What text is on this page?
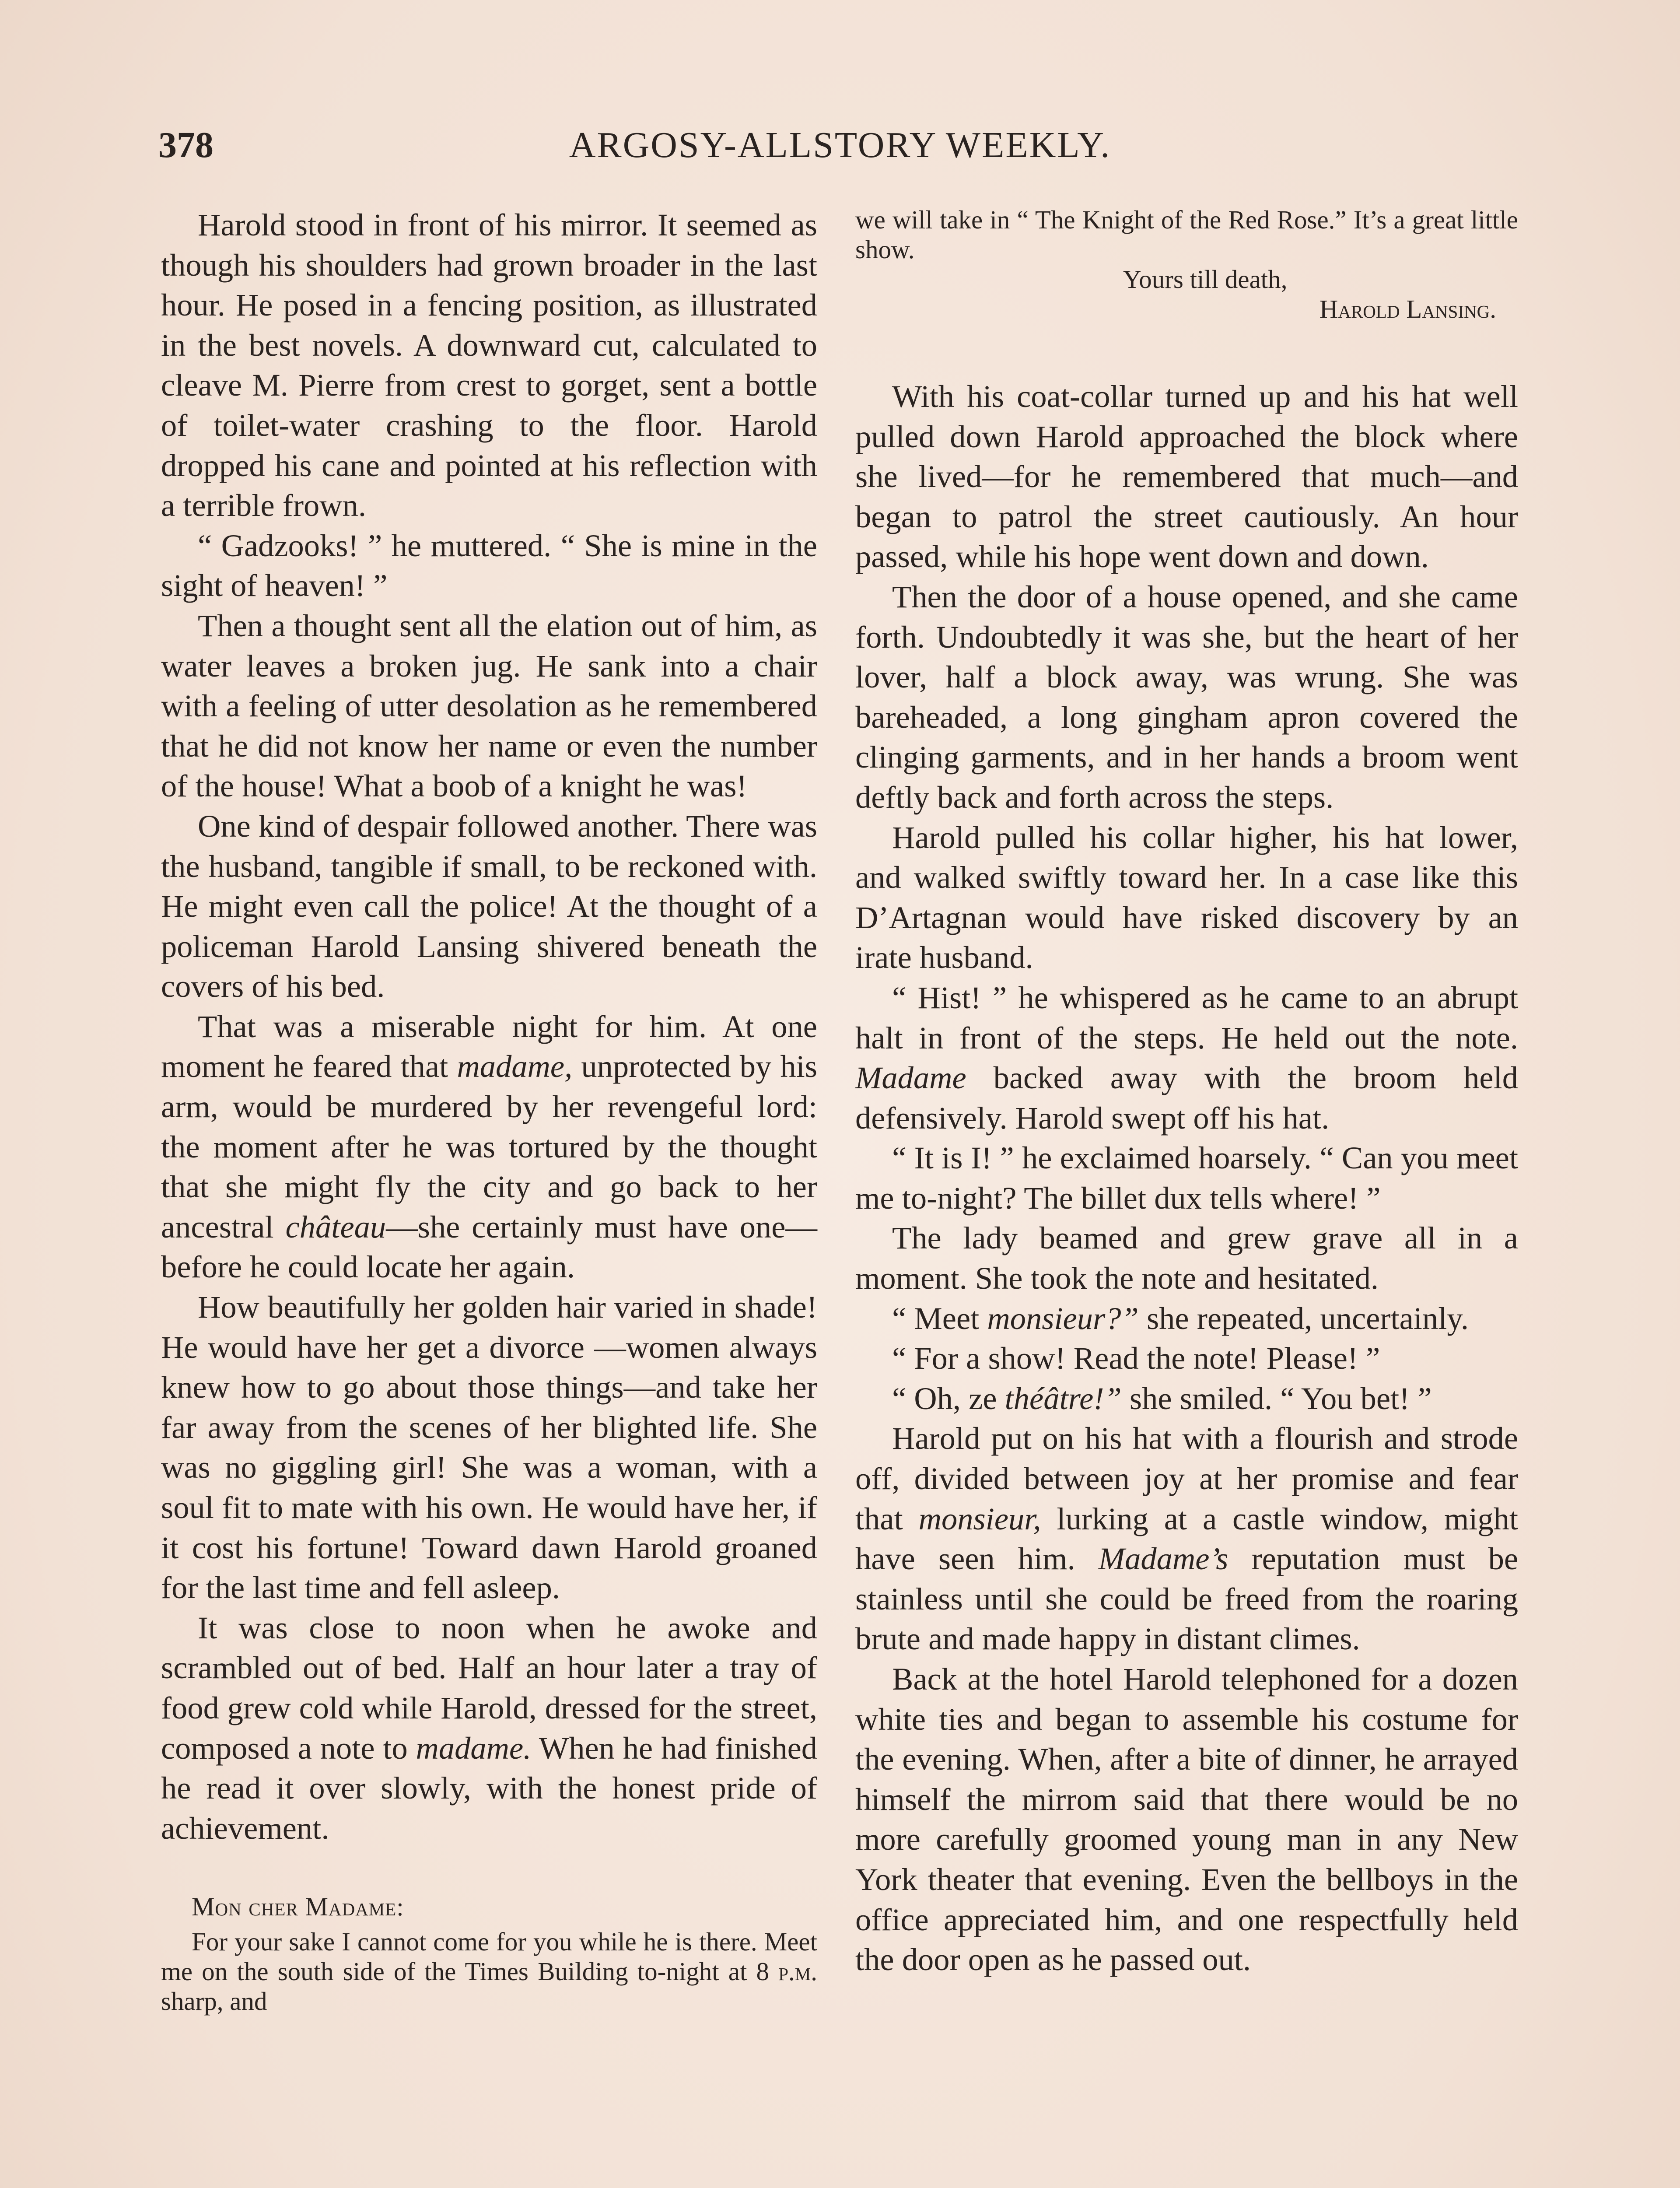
378	ARGOSY-ALLSTORY WEEKLY.

Harold stood in front of his mirror. It seemed as though his shoulders had grown broader in the last hour. He posed in a fencing position, as illustrated in the best novels. A downward cut, calculated to cleave M. Pierre from crest to gorget, sent a bottle of toilet-water crashing to the floor. Harold dropped his cane and pointed at his reflection with a terrible frown.

“ Gadzooks! ” he muttered. “ She is mine in the sight of heaven! ”

Then a thought sent all the elation out of him, as water leaves a broken jug. He sank into a chair with a feeling of utter desolation as he remembered that he did not know her name or even the number of the house! What a boob of a knight he was!

One kind of despair followed another. There was the husband, tangible if small, to be reckoned with. He might even call the police! At the thought of a policeman Harold Lansing shivered beneath the covers of his bed.

That was a miserable night for him. At one moment he feared that madame, unprotected by his arm, would be murdered by her revengeful lord: the moment after he was tortured by the thought that she might fly the city and go back to her ancestral château—she certainly must have one—before he could locate her again.

How beautifully her golden hair varied in shade! He would have her get a divorce —women always knew how to go about those things—and take her far away from the scenes of her blighted life. She was no giggling girl! She was a woman, with a soul fit to mate with his own. He would have her, if it cost his fortune! Toward dawn Harold groaned for the last time and fell asleep.

It was close to noon when he awoke and scrambled out of bed. Half an hour later a tray of food grew cold while Harold, dressed for the street, composed a note to madame. When he had finished he read it over slowly, with the honest pride of achievement.

Mon cher Madame:

For your sake I cannot come for you while he is there. Meet me on the south side of the Times Building to-night at 8 p.m. sharp, and

we will take in “ The Knight of the Red Rose.” It’s a great little show.

Yours till death,

Harold Lansing.

With his coat-collar turned up and his hat well pulled down Harold approached the block where she lived—for he remembered that much—and began to patrol the street cautiously. An hour passed, while his hope went down and down.

Then the door of a house opened, and she came forth. Undoubtedly it was she, but the heart of her lover, half a block away, was wrung. She was bareheaded, a long gingham apron covered the clinging garments, and in her hands a broom went deftly back and forth across the steps.

Harold pulled his collar higher, his hat lower, and walked swiftly toward her. In a case like this D’Artagnan would have risked discovery by an irate husband.

“ Hist! ” he whispered as he came to an abrupt halt in front of the steps. He held out the note. Madame backed away with the broom held defensively. Harold swept off his hat.

“ It is I! ” he exclaimed hoarsely. “ Can you meet me to-night? The billet dux tells where! ”

The lady beamed and grew grave all in a moment. She took the note and hesitated.

“ Meet monsieur?” she repeated, uncertainly.

“ For a show! Read the note! Please! ”

“ Oh, ze théâtre!” she smiled. “ You bet! ”

Harold put on his hat with a flourish and strode off, divided between joy at her promise and fear that monsieur, lurking at a castle window, might have seen him. Madame’s reputation must be stainless until she could be freed from the roaring brute and made happy in distant climes.

Back at the hotel Harold telephoned for a dozen white ties and began to assemble his costume for the evening. When, after a bite of dinner, he arrayed himself the mirrom said that there would be no more carefully groomed young man in any New York theater that evening. Even the bellboys in the office appreciated him, and one respectfully held the door open as he passed out.
